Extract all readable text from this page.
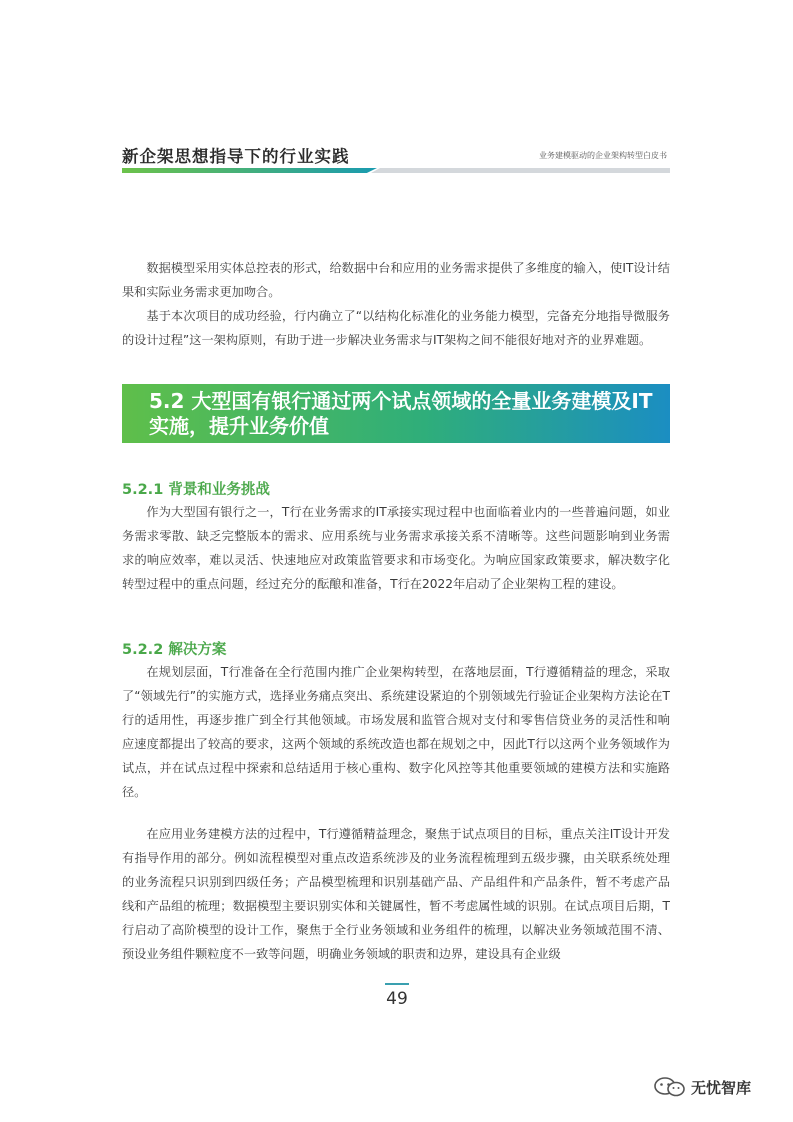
新企架思想指导下的行业实践	业务建模驱动的企业架构转型白皮书

数据模型采用实体总控表的形式，给数据中台和应用的业务需求提供了多维度的输入，使IT设计结果和实际业务需求更加吻合。

基于本次项目的成功经验，行内确立了“以结构化标准化的业务能力模型，完备充分地指导微服务的设计过程”这一架构原则，有助于进一步解决业务需求与IT架构之间不能很好地对齐的业界难题。

5.2 大型国有银行通过两个试点领域的全量业务建模及IT实施，提升业务价值
5.2.1 背景和业务挑战

作为大型国有银行之一，T行在业务需求的IT承接实现过程中也面临着业内的一些普遍问题，如业务需求零散、缺乏完整版本的需求、应用系统与业务需求承接关系不清晰等。这些问题影响到业务需求的响应效率，难以灵活、快速地应对政策监管要求和市场变化。为响应国家政策要求，解决数字化转型过程中的重点问题，经过充分的酝酿和准备，T行在2022年启动了企业架构工程的建设。

5.2.2 解决方案

在规划层面，T行准备在全行范围内推广企业架构转型，在落地层面，T行遵循精益的理念，采取了“领域先行”的实施方式，选择业务痛点突出、系统建设紧迫的个别领域先行验证企业架构方法论在T行的适用性，再逐步推广到全行其他领域。市场发展和监管合规对支付和零售信贷业务的灵活性和响应速度都提出了较高的要求，这两个领域的系统改造也都在规划之中，因此T行以这两个业务领域作为试点，并在试点过程中探索和总结适用于核心重构、数字化风控等其他重要领域的建模方法和实施路径。

在应用业务建模方法的过程中，T行遵循精益理念，聚焦于试点项目的目标，重点关注IT设计开发有指导作用的部分。例如流程模型对重点改造系统涉及的业务流程梳理到五级步骤，由关联系统处理的业务流程只识别到四级任务；产品模型梳理和识别基础产品、产品组件和产品条件，暂不考虑产品线和产品组的梳理；数据模型主要识别实体和关键属性，暂不考虑属性域的识别。在试点项目后期，T行启动了高阶模型的设计工作，聚焦于全行业务领域和业务组件的梳理，以解决业务领域范围不清、预设业务组件颗粒度不一致等问题，明确业务领域的职责和边界，建设具有企业级

49
无忧智库
